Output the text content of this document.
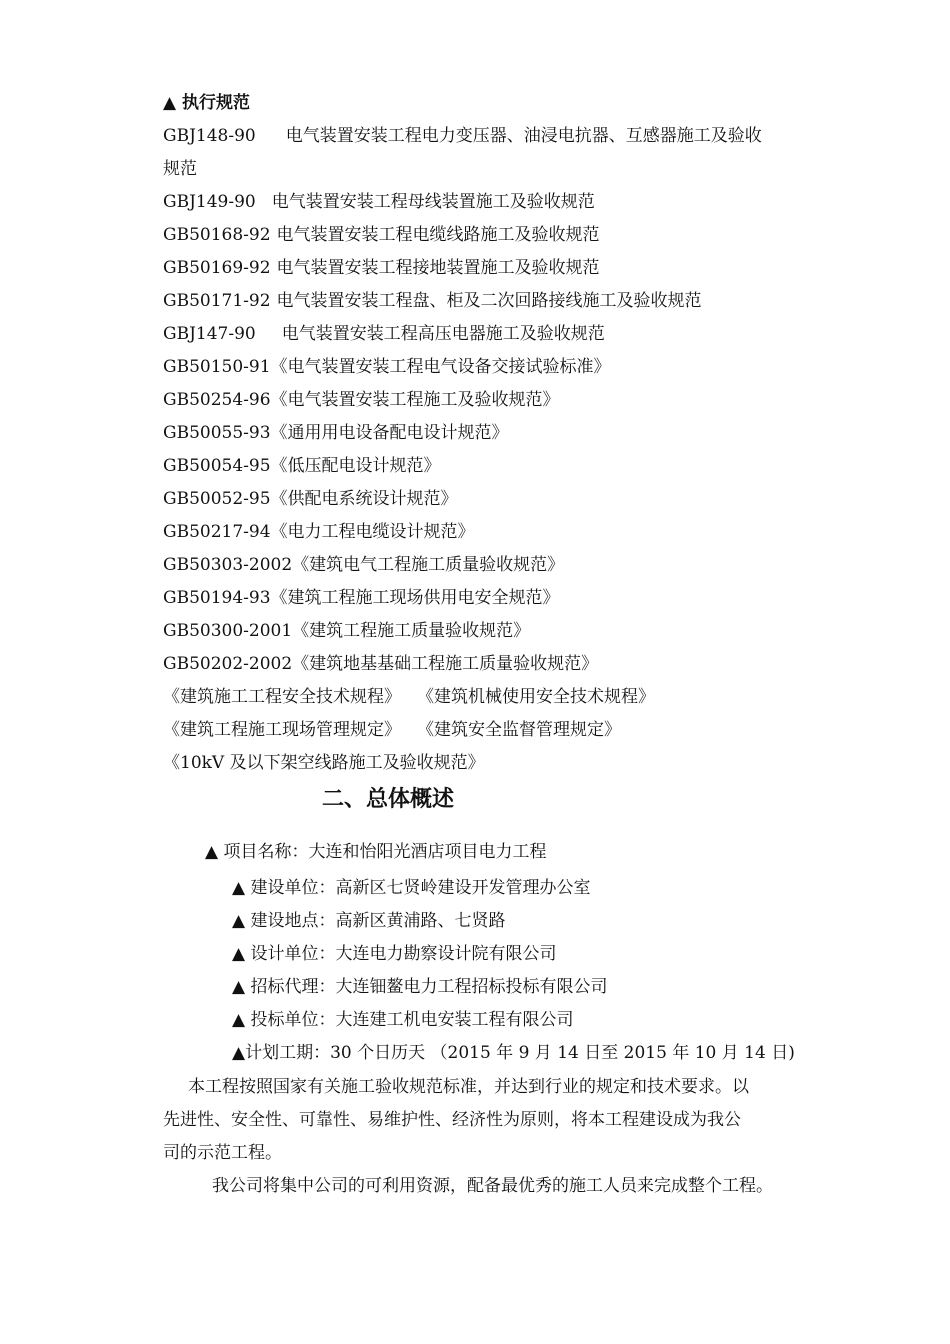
▲ 执行规范
GBJ148-90 电气装置安装工程电力变压器、油浸电抗器、互感器施工及验收
规范
GBJ149-90 电气装置安装工程母线装置施工及验收规范
GB50168-92 电气装置安装工程电缆线路施工及验收规范
GB50169-92 电气装置安装工程接地装置施工及验收规范
GB50171-92 电气装置安装工程盘、柜及二次回路接线施工及验收规范
GBJ147-90 电气装置安装工程高压电器施工及验收规范
GB50150-91《电气装置安装工程电气设备交接试验标准》
GB50254-96《电气装置安装工程施工及验收规范》
GB50055-93《通用用电设备配电设计规范》
GB50054-95《低压配电设计规范》
GB50052-95《供配电系统设计规范》
GB50217-94《电力工程电缆设计规范》
GB50303-2002《建筑电气工程施工质量验收规范》
GB50194-93《建筑工程施工现场供用电安全规范》
GB50300-2001《建筑工程施工质量验收规范》
GB50202-2002《建筑地基基础工程施工质量验收规范》
《建筑施工工程安全技术规程》 《建筑机械使用安全技术规程》
《建筑工程施工现场管理规定》 《建筑安全监督管理规定》
《10kV 及以下架空线路施工及验收规范》
二、总体概述
▲ 项目名称：大连和怡阳光酒店项目电力工程
▲ 建设单位：高新区七贤岭建设开发管理办公室
▲ 建设地点：高新区黄浦路、七贤路
▲ 设计单位：大连电力勘察设计院有限公司
▲ 招标代理：大连钿鳌电力工程招标投标有限公司
▲ 投标单位：大连建工机电安装工程有限公司
▲计划工期：30 个日历天 （2015 年 9 月 14 日至 2015 年 10 月 14 日)
本工程按照国家有关施工验收规范标准，并达到行业的规定和技术要求。以
先进性、安全性、可靠性、易维护性、经济性为原则，将本工程建设成为我公
司的示范工程。
我公司将集中公司的可利用资源，配备最优秀的施工人员来完成整个工程。
